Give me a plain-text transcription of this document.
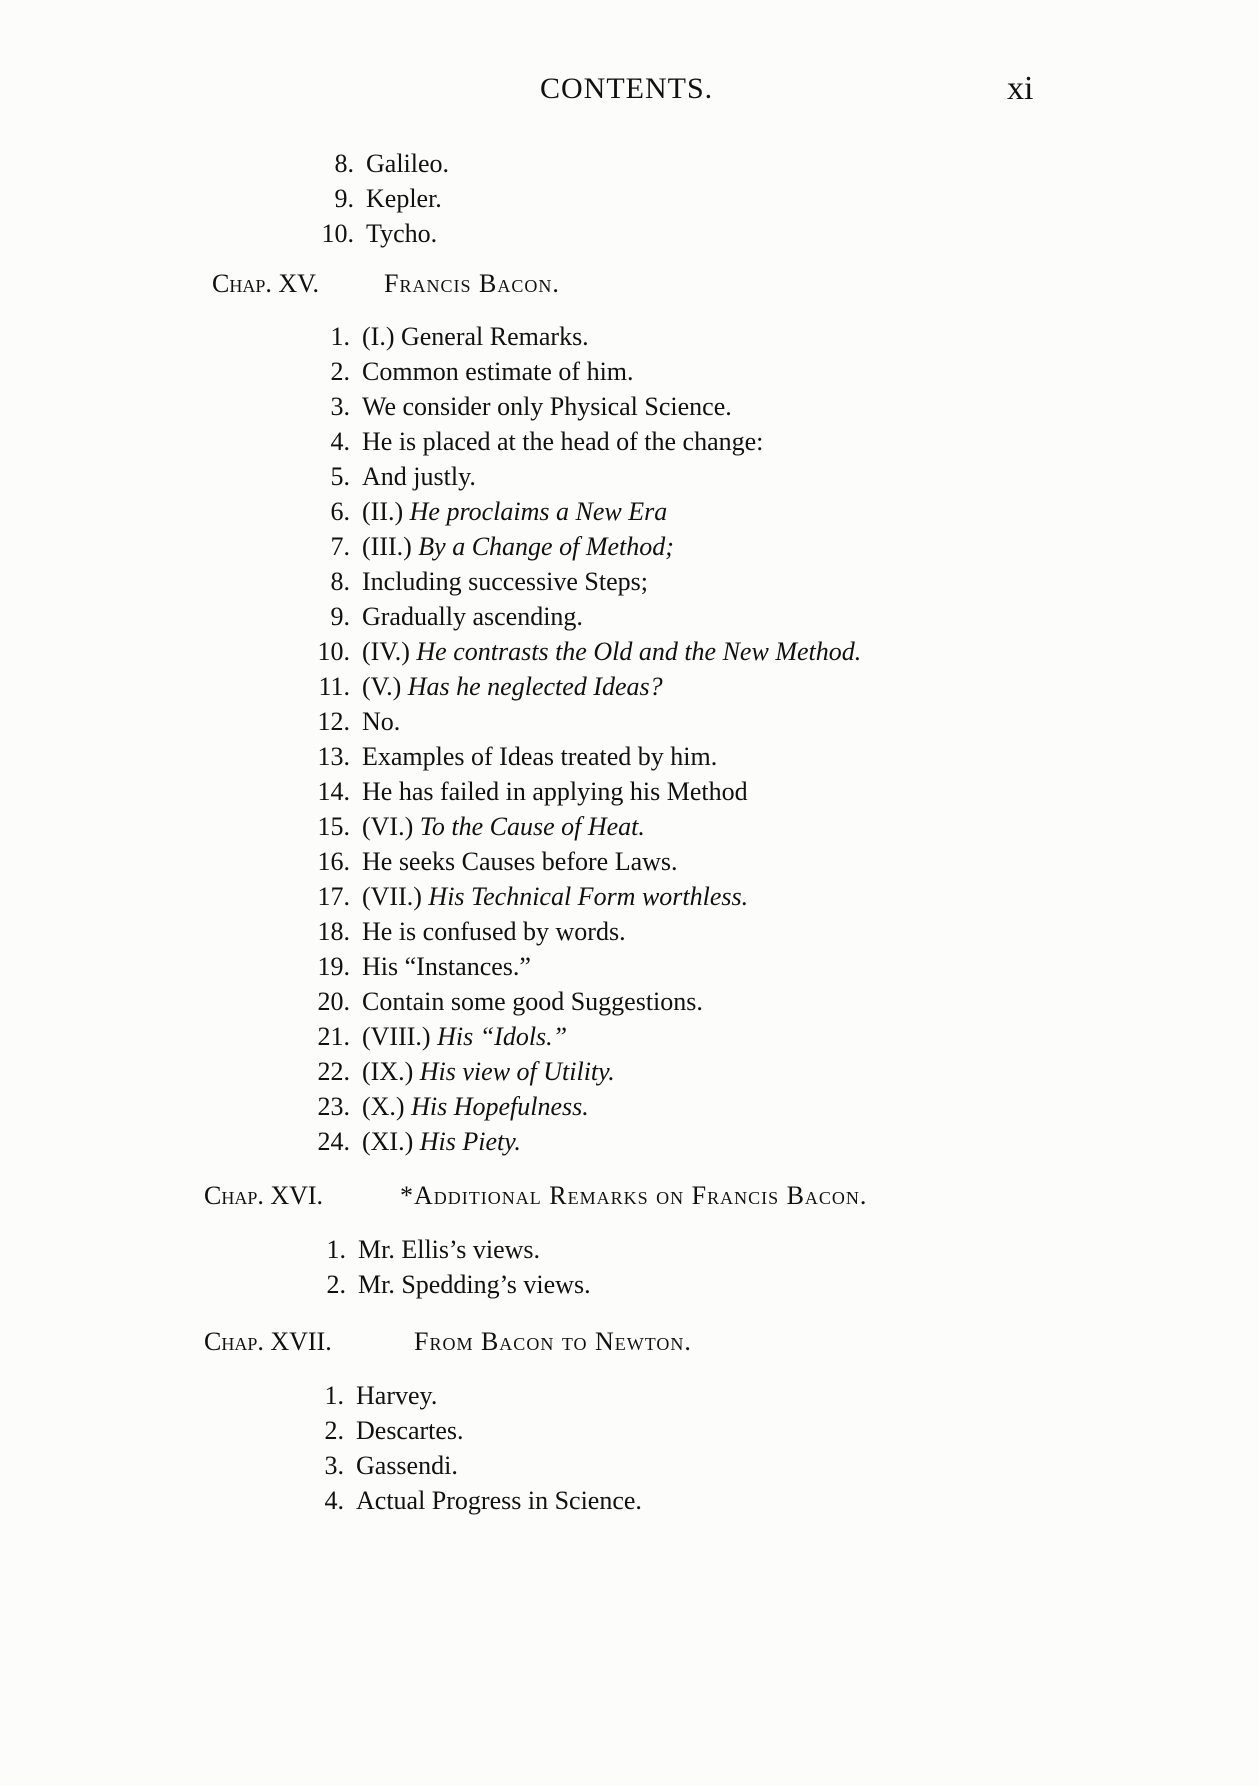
CONTENTS.	xi
8. Galileo.
9. Kepler.
10. Tycho.
Chap. XV. Francis Bacon.
1. (I.) General Remarks.
2. Common estimate of him.
3. We consider only Physical Science.
4. He is placed at the head of the change:
5. And justly.
6. (II.) He proclaims a New Era
7. (III.) By a Change of Method;
8. Including successive Steps;
9. Gradually ascending.
10. (IV.) He contrasts the Old and the New Method.
11. (V.) Has he neglected Ideas?
12. No.
13. Examples of Ideas treated by him.
14. He has failed in applying his Method
15. (VI.) To the Cause of Heat.
16. He seeks Causes before Laws.
17. (VII.) His Technical Form worthless.
18. He is confused by words.
19. His “Instances.”
20. Contain some good Suggestions.
21. (VIII.) His “Idols.”
22. (IX.) His view of Utility.
23. (X.) His Hopefulness.
24. (XI.) His Piety.
Chap. XVI.	*Additional Remarks on Francis Bacon.
1. Mr. Ellis’s views.
2. Mr. Spedding’s views.
Chap. XVII.	From Bacon to Newton.
1. Harvey.
2. Descartes.
3. Gassendi.
4. Actual Progress in Science.
